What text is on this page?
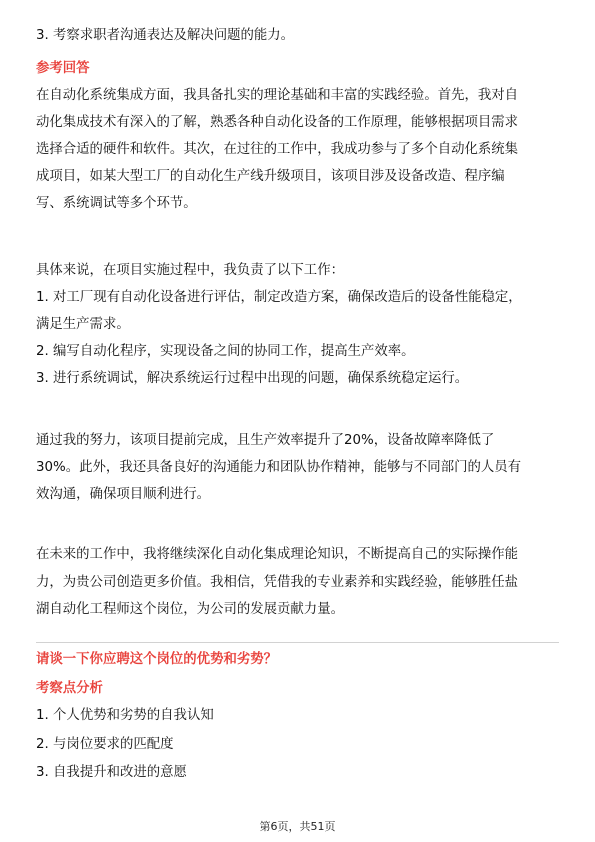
3. 考察求职者沟通表达及解决问题的能力。
参考回答
在自动化系统集成方面，我具备扎实的理论基础和丰富的实践经验。首先，我对自
动化集成技术有深入的了解，熟悉各种自动化设备的工作原理，能够根据项目需求
选择合适的硬件和软件。其次，在过往的工作中，我成功参与了多个自动化系统集
成项目，如某大型工厂的自动化生产线升级项目，该项目涉及设备改造、程序编
写、系统调试等多个环节。
具体来说，在项目实施过程中，我负责了以下工作：
1. 对工厂现有自动化设备进行评估，制定改造方案，确保改造后的设备性能稳定，
满足生产需求。
2. 编写自动化程序，实现设备之间的协同工作，提高生产效率。
3. 进行系统调试，解决系统运行过程中出现的问题，确保系统稳定运行。
通过我的努力，该项目提前完成，且生产效率提升了20%，设备故障率降低了
30%。此外，我还具备良好的沟通能力和团队协作精神，能够与不同部门的人员有
效沟通，确保项目顺利进行。
在未来的工作中，我将继续深化自动化集成理论知识，不断提高自己的实际操作能
力，为贵公司创造更多价值。我相信，凭借我的专业素养和实践经验，能够胜任盐
湖自动化工程师这个岗位，为公司的发展贡献力量。
请谈一下你应聘这个岗位的优势和劣势？
考察点分析
1. 个人优势和劣势的自我认知
2. 与岗位要求的匹配度
3. 自我提升和改进的意愿
第6页，共51页
